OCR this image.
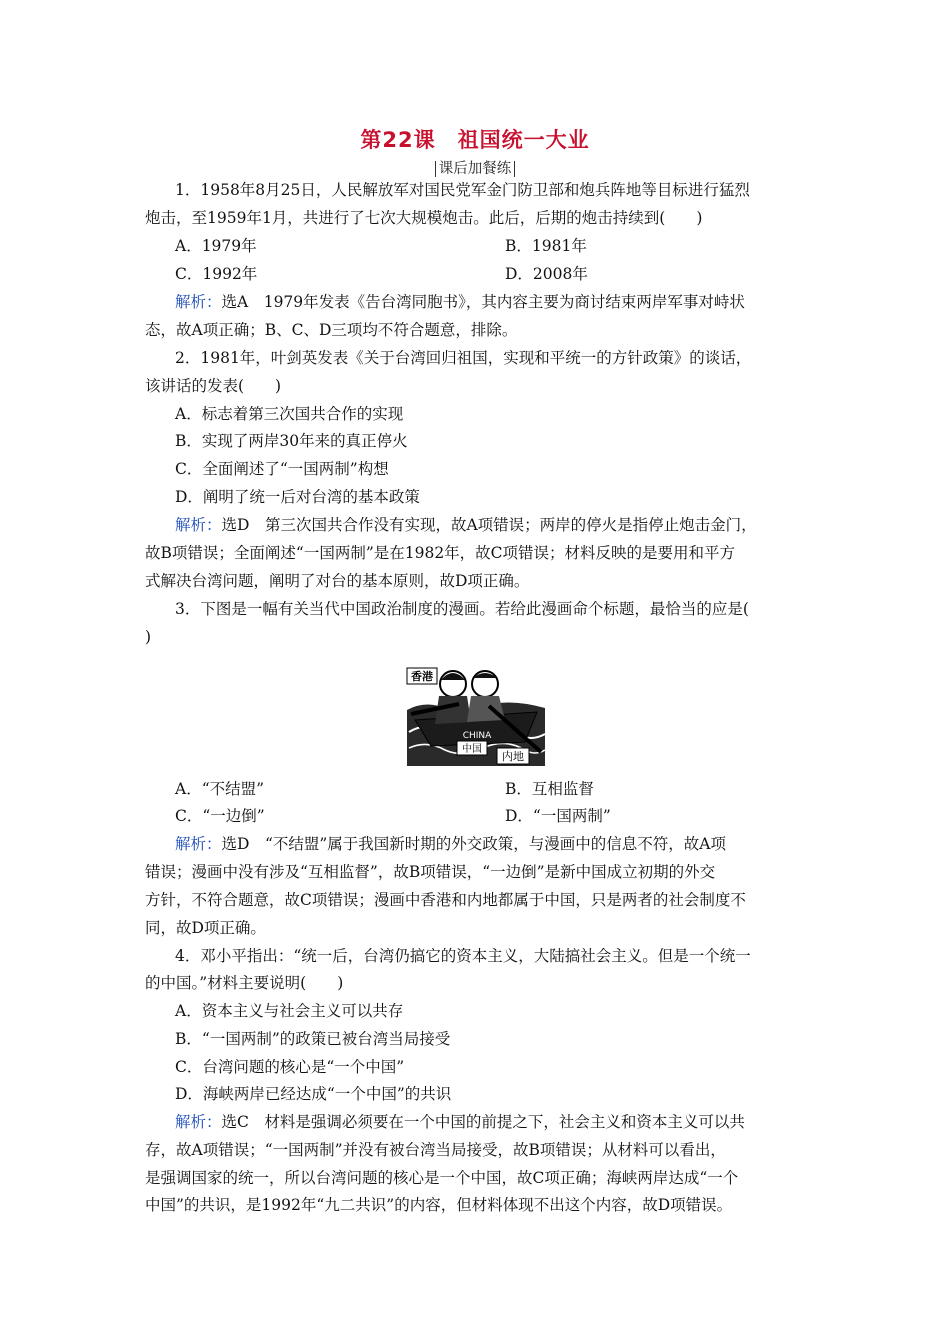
第22课　祖国统一大业
课后加餐练
1．1958年8月25日，人民解放军对国民党军金门防卫部和炮兵阵地等目标进行猛烈
炮击，至1959年1月，共进行了七次大规模炮击。此后，后期的炮击持续到(　　)
A．1979年	B．1981年
C．1992年	D．2008年
解析：选A　1979年发表《告台湾同胞书》，其内容主要为商讨结束两岸军事对峙状
态，故A项正确；B、C、D三项均不符合题意，排除。
2．1981年，叶剑英发表《关于台湾回归祖国，实现和平统一的方针政策》的谈话，
该讲话的发表(　　)
A．标志着第三次国共合作的实现
B．实现了两岸30年来的真正停火
C．全面阐述了“一国两制”构想
D．阐明了统一后对台湾的基本政策
解析：选D　第三次国共合作没有实现，故A项错误；两岸的停火是指停止炮击金门，
故B项错误；全面阐述“一国两制”是在1982年，故C项错误；材料反映的是要用和平方
式解决台湾问题，阐明了对台的基本原则，故D项正确。
3．下图是一幅有关当代中国政治制度的漫画。若给此漫画命个标题，最恰当的应是(
)
香港
CHINA
中国
内地
A．“不结盟”	B．互相监督
C．“一边倒”	D．“一国两制”
解析：选D　“不结盟”属于我国新时期的外交政策，与漫画中的信息不符，故A项
错误；漫画中没有涉及“互相监督”，故B项错误，“一边倒”是新中国成立初期的外交
方针，不符合题意，故C项错误；漫画中香港和内地都属于中国，只是两者的社会制度不
同，故D项正确。
4．邓小平指出：“统一后，台湾仍搞它的资本主义，大陆搞社会主义。但是一个统一
的中国。”材料主要说明(　　)
A．资本主义与社会主义可以共存
B．“一国两制”的政策已被台湾当局接受
C．台湾问题的核心是“一个中国”
D．海峡两岸已经达成“一个中国”的共识
解析：选C　材料是强调必须要在一个中国的前提之下，社会主义和资本主义可以共
存，故A项错误；“一国两制”并没有被台湾当局接受，故B项错误；从材料可以看出，
是强调国家的统一，所以台湾问题的核心是一个中国，故C项正确；海峡两岸达成“一个
中国”的共识，是1992年“九二共识”的内容，但材料体现不出这个内容，故D项错误。
